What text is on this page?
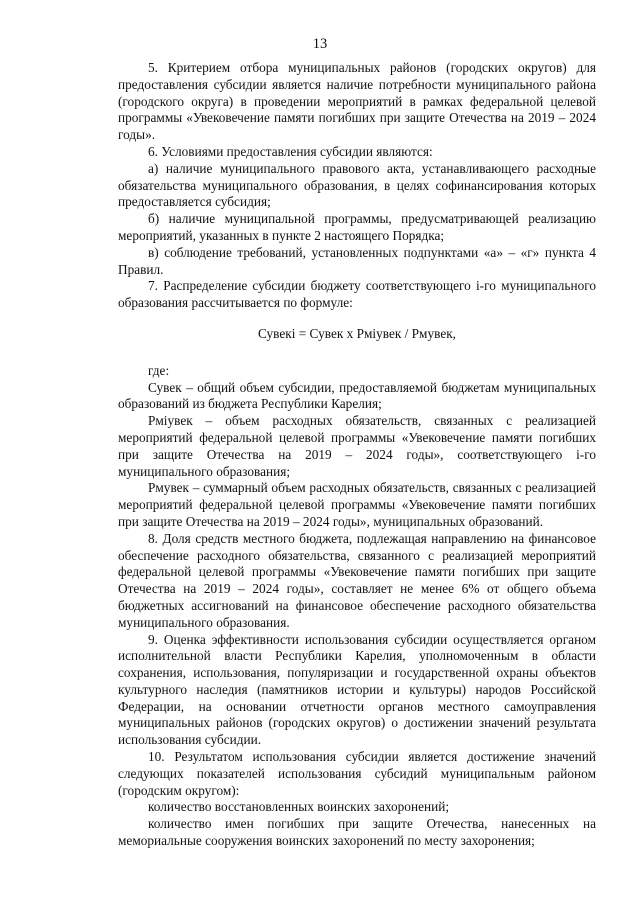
13

5. Критерием отбора муниципальных районов (городских округов) для предоставления субсидии является наличие потребности муниципального района (городского округа) в проведении мероприятий в рамках федеральной целевой программы «Увековечение памяти погибших при защите Отечества на 2019 – 2024 годы».

6. Условиями предоставления субсидии являются:

а) наличие муниципального правового акта, устанавливающего расходные обязательства муниципального образования, в целях софинансирования которых предоставляется субсидия;

б) наличие муниципальной программы, предусматривающей реализацию мероприятий, указанных в пункте 2 настоящего Порядка;

в) соблюдение требований, установленных подпунктами «а» – «г» пункта 4 Правил.

7. Распределение субсидии бюджету соответствующего i-го муниципального образования рассчитывается по формуле:

Сувекі = Сувек x Рміувек / Рмувек,

где:

Сувек – общий объем субсидии, предоставляемой бюджетам муниципальных образований из бюджета Республики Карелия;

Рміувек – объем расходных обязательств, связанных с реализацией мероприятий федеральной целевой программы «Увековечение памяти погибших при защите Отечества на 2019 – 2024 годы», соответствующего i-го муниципального образования;

Рмувек – суммарный объем расходных обязательств, связанных с реализацией мероприятий федеральной целевой программы «Увековечение памяти погибших при защите Отечества на 2019 – 2024 годы», муниципальных образований.

8. Доля средств местного бюджета, подлежащая направлению на финансовое обеспечение расходного обязательства, связанного с реализацией мероприятий федеральной целевой программы «Увековечение памяти погибших при защите Отечества на 2019 – 2024 годы», составляет не менее 6% от общего объема бюджетных ассигнований на финансовое обеспечение расходного обязательства муниципального образования.

9. Оценка эффективности использования субсидии осуществляется органом исполнительной власти Республики Карелия, уполномоченным в области сохранения, использования, популяризации и государственной охраны объектов культурного наследия (памятников истории и культуры) народов Российской Федерации, на основании отчетности органов местного самоуправления муниципальных районов (городских округов) о достижении значений результата использования субсидии.

10. Результатом использования субсидии является достижение значений следующих показателей использования субсидий муниципальным районом (городским округом):

количество восстановленных воинских захоронений;

количество имен погибших при защите Отечества, нанесенных на мемориальные сооружения воинских захоронений по месту захоронения;
